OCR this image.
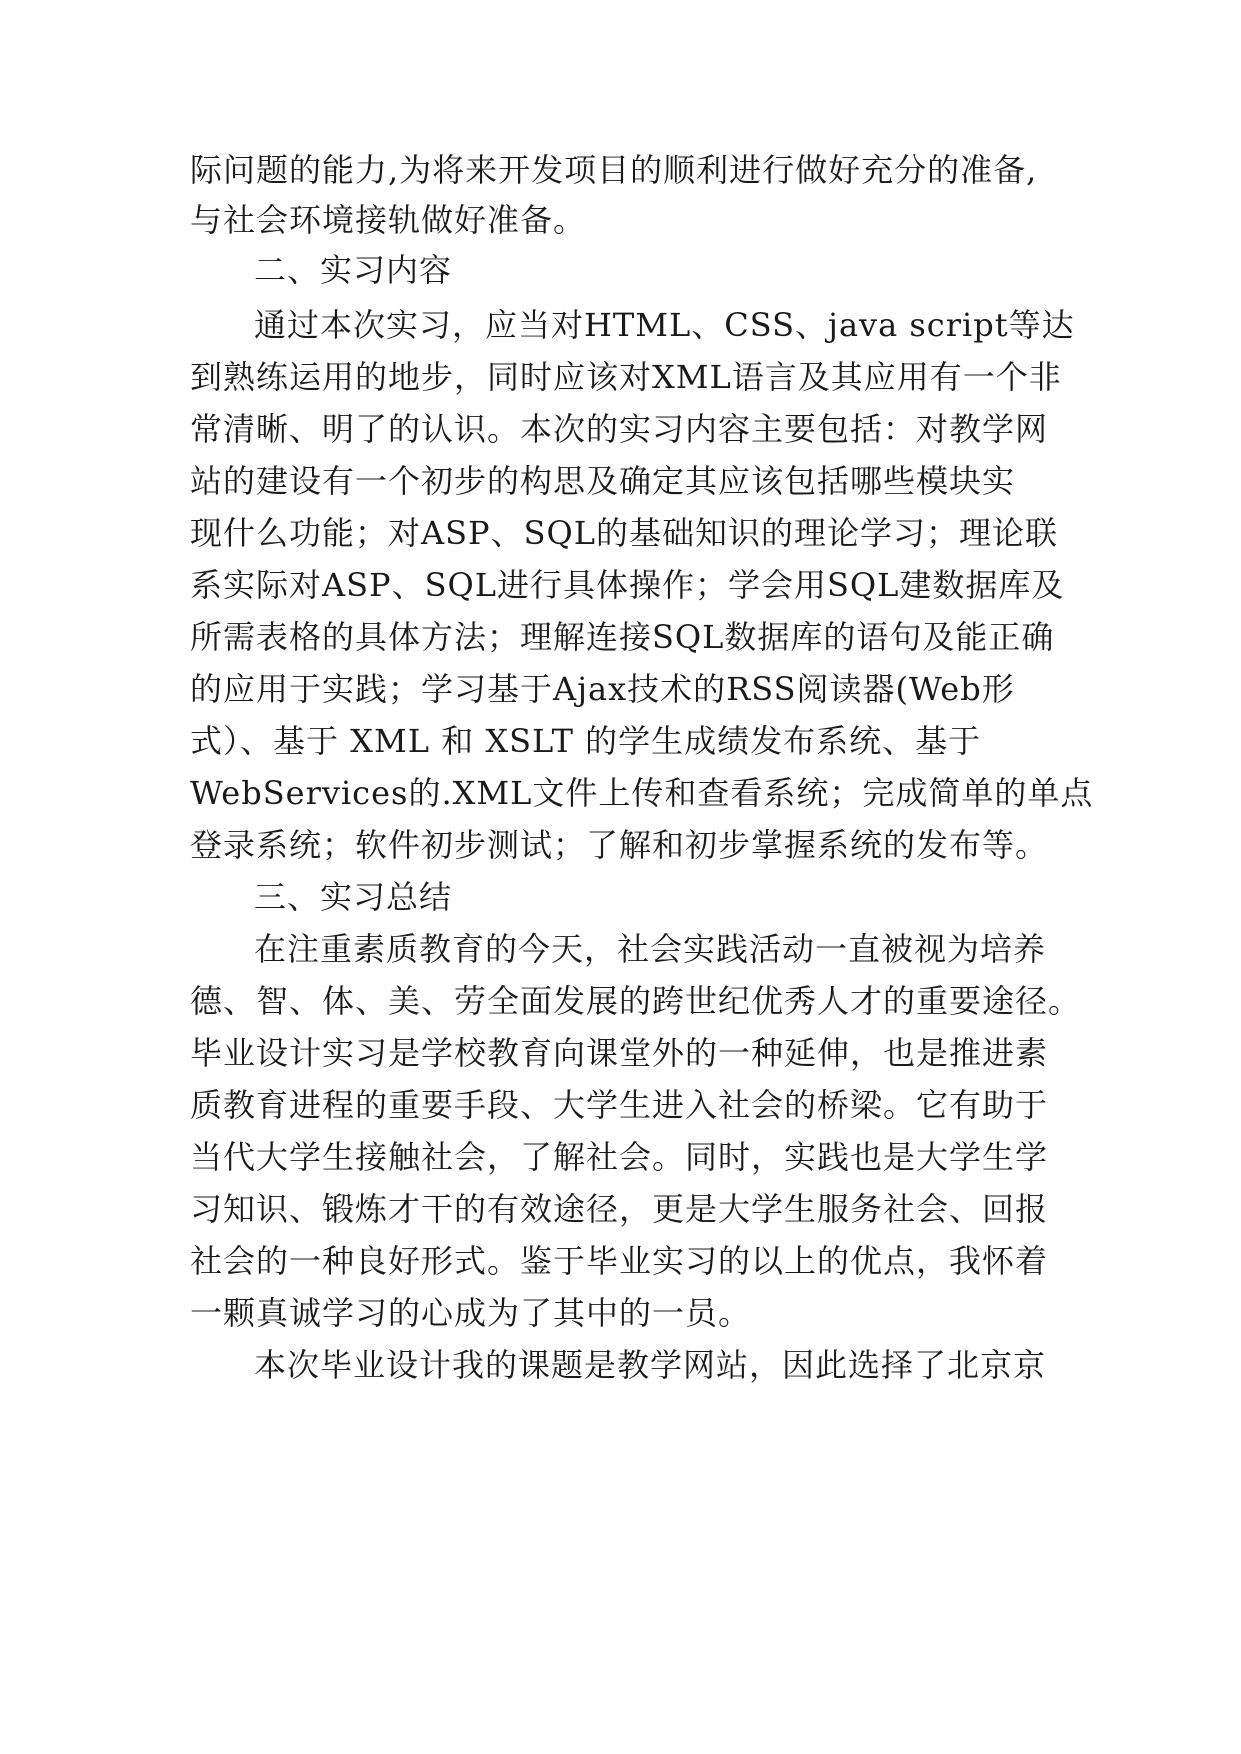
际问题的能力,为将来开发项目的顺利进行做好充分的准备,
与社会环境接轨做好准备。
二、实习内容
通过本次实习，应当对HTML、CSS、java script等达
到熟练运用的地步，同时应该对XML语言及其应用有一个非
常清晰、明了的认识。本次的实习内容主要包括：对教学网
站的建设有一个初步的构思及确定其应该包括哪些模块实
现什么功能；对ASP、SQL的基础知识的理论学习；理论联
系实际对ASP、SQL进行具体操作；学会用SQL建数据库及
所需表格的具体方法；理解连接SQL数据库的语句及能正确
的应用于实践；学习基于Ajax技术的RSS阅读器(Web形
式）、基于 XML 和 XSLT 的学生成绩发布系统、基于
WebServices的.XML文件上传和查看系统；完成简单的单点
登录系统；软件初步测试；了解和初步掌握系统的发布等。
三、实习总结
在注重素质教育的今天，社会实践活动一直被视为培养
德、智、体、美、劳全面发展的跨世纪优秀人才的重要途径。
毕业设计实习是学校教育向课堂外的一种延伸，也是推进素
质教育进程的重要手段、大学生进入社会的桥梁。它有助于
当代大学生接触社会，了解社会。同时，实践也是大学生学
习知识、锻炼才干的有效途径，更是大学生服务社会、回报
社会的一种良好形式。鉴于毕业实习的以上的优点，我怀着
一颗真诚学习的心成为了其中的一员。
本次毕业设计我的课题是教学网站，因此选择了北京京
